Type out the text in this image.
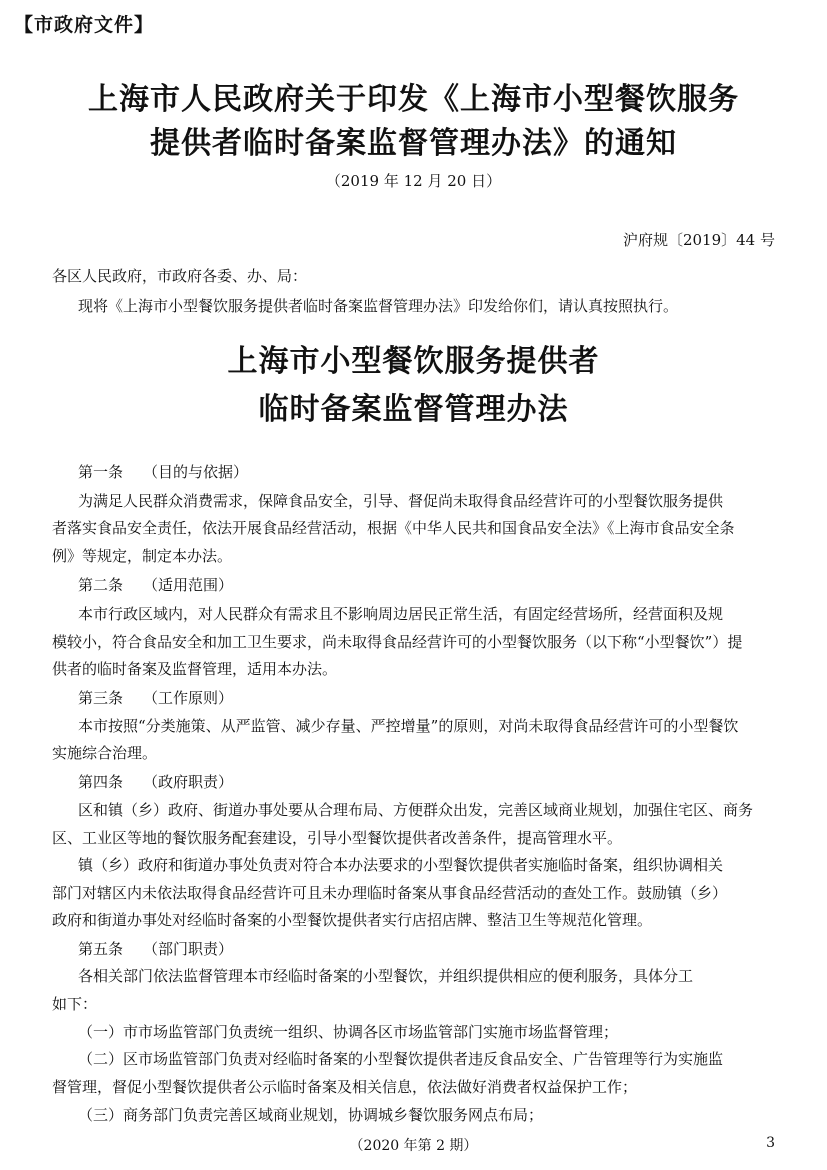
【市政府文件】
上海市人民政府关于印发《上海市小型餐饮服务
提供者临时备案监督管理办法》的通知
（2019 年 12 月 20 日）
沪府规〔2019〕44 号
各区人民政府，市政府各委、办、局：
现将《上海市小型餐饮服务提供者临时备案监督管理办法》印发给你们，请认真按照执行。
上海市小型餐饮服务提供者
临时备案监督管理办法
第一条 （目的与依据）
为满足人民群众消费需求，保障食品安全，引导、督促尚未取得食品经营许可的小型餐饮服务提供
者落实食品安全责任，依法开展食品经营活动，根据《中华人民共和国食品安全法》《上海市食品安全条
例》等规定，制定本办法。
第二条 （适用范围）
本市行政区域内，对人民群众有需求且不影响周边居民正常生活，有固定经营场所，经营面积及规
模较小，符合食品安全和加工卫生要求，尚未取得食品经营许可的小型餐饮服务（以下称“小型餐饮”）提
供者的临时备案及监督管理，适用本办法。
第三条 （工作原则）
本市按照“分类施策、从严监管、减少存量、严控增量”的原则，对尚未取得食品经营许可的小型餐饮
实施综合治理。
第四条 （政府职责）
区和镇（乡）政府、街道办事处要从合理布局、方便群众出发，完善区域商业规划，加强住宅区、商务
区、工业区等地的餐饮服务配套建设，引导小型餐饮提供者改善条件，提高管理水平。
镇（乡）政府和街道办事处负责对符合本办法要求的小型餐饮提供者实施临时备案，组织协调相关
部门对辖区内未依法取得食品经营许可且未办理临时备案从事食品经营活动的查处工作。鼓励镇（乡）
政府和街道办事处对经临时备案的小型餐饮提供者实行店招店牌、整洁卫生等规范化管理。
第五条 （部门职责）
各相关部门依法监督管理本市经临时备案的小型餐饮，并组织提供相应的便利服务，具体分工
如下：
（一）市市场监管部门负责统一组织、协调各区市场监管部门实施市场监督管理；
（二）区市场监管部门负责对经临时备案的小型餐饮提供者违反食品安全、广告管理等行为实施监
督管理，督促小型餐饮提供者公示临时备案及相关信息，依法做好消费者权益保护工作；
（三）商务部门负责完善区域商业规划，协调城乡餐饮服务网点布局；
（2020 年第 2 期）	3
